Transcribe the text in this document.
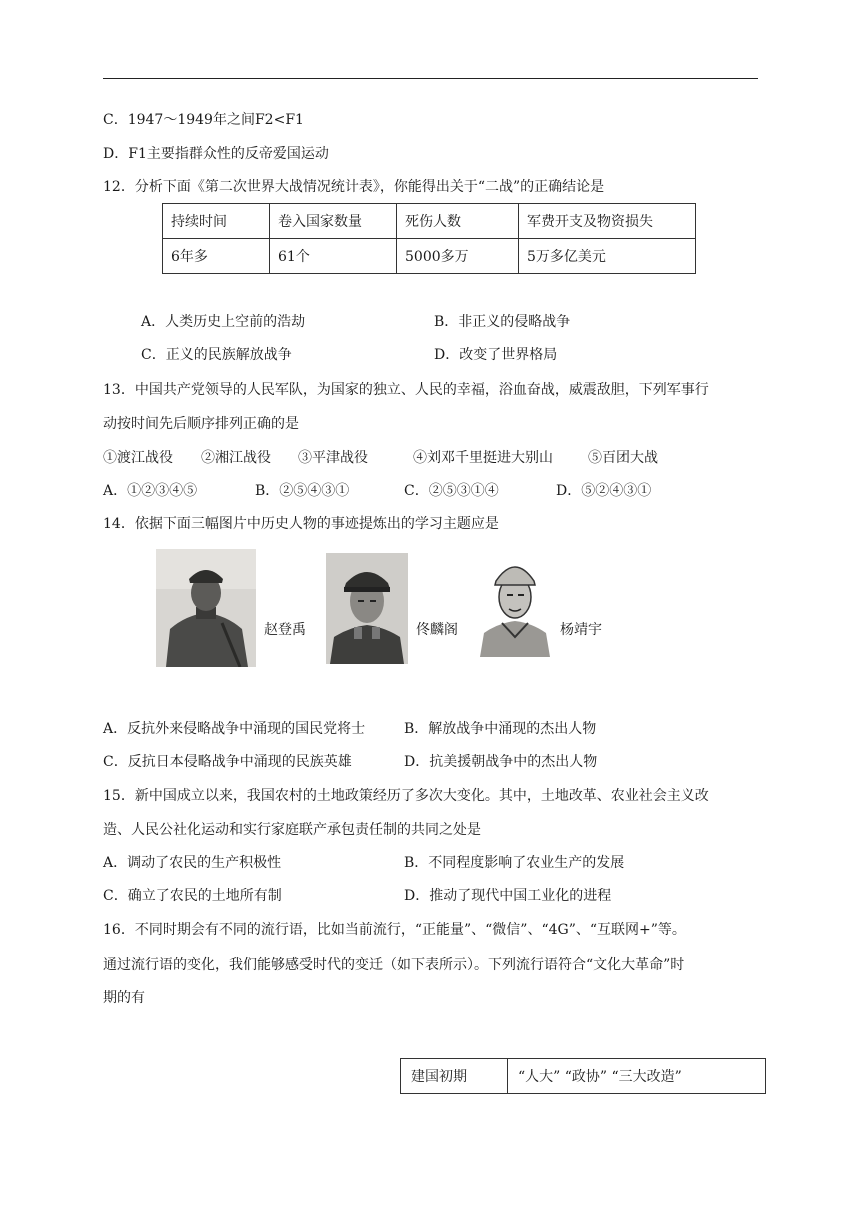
C．1947～1949年之间F2<F1
D．F1主要指群众性的反帝爱国运动
12．分析下面《第二次世界大战情况统计表》，你能得出关于“二战”的正确结论是
持续时间	卷入国家数量	死伤人数	军费开支及物资损失
6年多	61个	5000多万	5万多亿美元
A．人类历史上空前的浩劫	B．非正义的侵略战争
C．正义的民族解放战争	D．改变了世界格局
13．中国共产党领导的人民军队，为国家的独立、人民的幸福，浴血奋战，威震敌胆，下列军事行
动按时间先后顺序排列正确的是
①渡江战役 ②湘江战役 ③平津战役	④刘邓千里挺进大别山	⑤百团大战
A．①②③④⑤	B．②⑤④③①	C．②⑤③①④	D．⑤②④③①
14．依据下面三幅图片中历史人物的事迹提炼出的学习主题应是
赵登禹	佟麟阁	杨靖宇
A．反抗外来侵略战争中涌现的国民党将士	B．解放战争中涌现的杰出人物
C．反抗日本侵略战争中涌现的民族英雄	D．抗美援朝战争中的杰出人物
15．新中国成立以来，我国农村的土地政策经历了多次大变化。其中，土地改革、农业社会主义改
造、人民公社化运动和实行家庭联产承包责任制的共同之处是
A．调动了农民的生产积极性	B．不同程度影响了农业生产的发展
C．确立了农民的土地所有制	D．推动了现代中国工业化的进程
16．不同时期会有不同的流行语，比如当前流行，“正能量”、“微信”、“4G”、“互联网+”等。
通过流行语的变化，我们能够感受时代的变迁（如下表所示）。下列流行语符合“文化大革命”时
期的有
建国初期	“人大” “政协” “三大改造”
